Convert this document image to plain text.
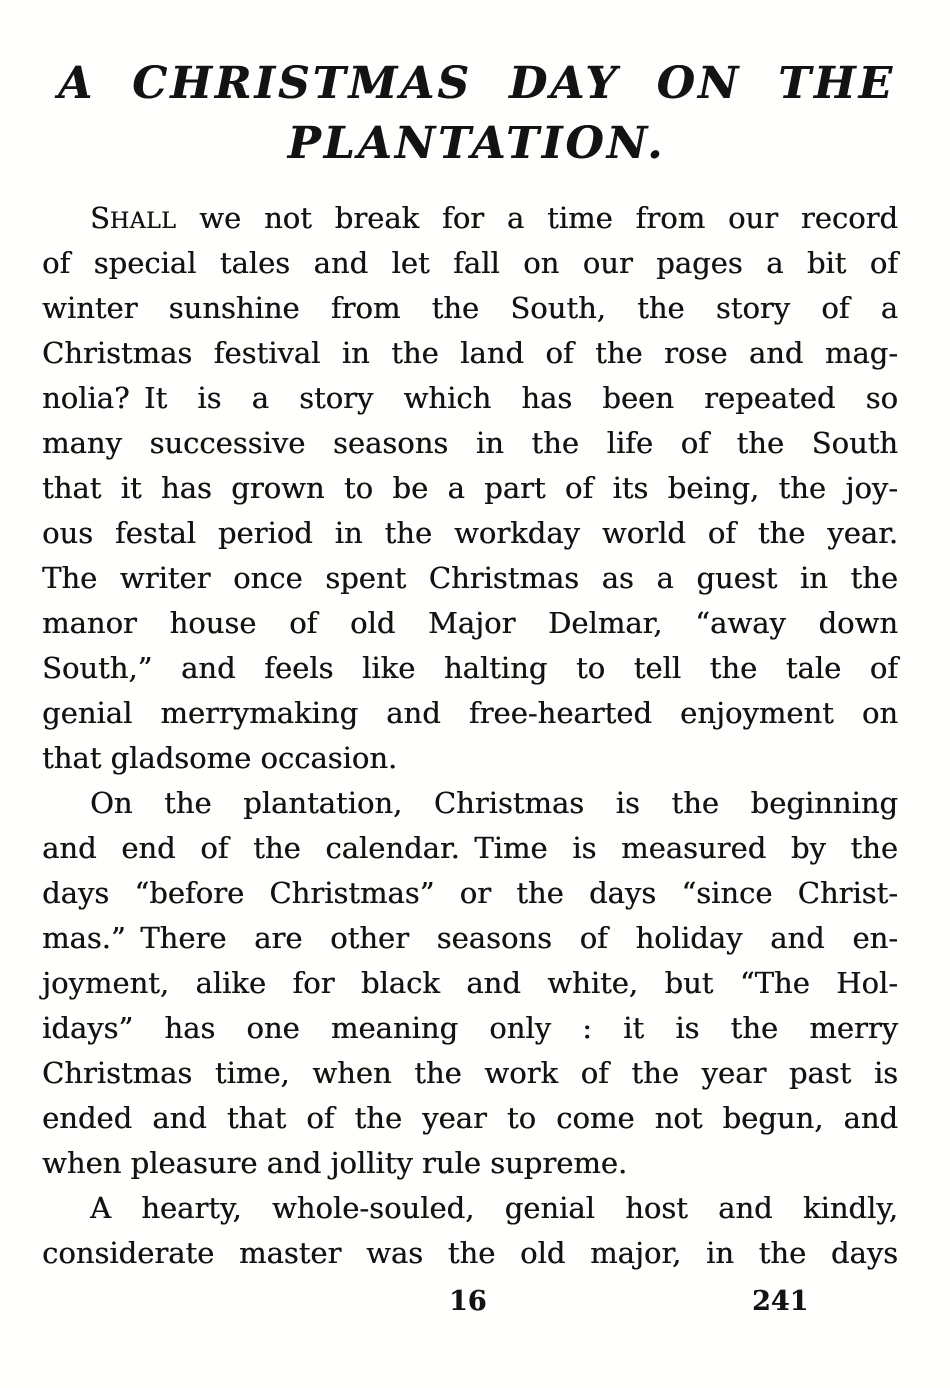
A CHRISTMAS DAY ON THE
PLANTATION.
SHALL we not break for a time from our record
of special tales and let fall on our pages a bit of
winter sunshine from the South, the story of a
Christmas festival in the land of the rose and mag-
nolia? It is a story which has been repeated so
many successive seasons in the life of the South
that it has grown to be a part of its being, the joy-
ous festal period in the workday world of the year.
The writer once spent Christmas as a guest in the
manor house of old Major Delmar, “away down
South,” and feels like halting to tell the tale of
genial merrymaking and free-hearted enjoyment on
that gladsome occasion.
On the plantation, Christmas is the beginning
and end of the calendar. Time is measured by the
days “before Christmas” or the days “since Christ-
mas.” There are other seasons of holiday and en-
joyment, alike for black and white, but “The Hol-
idays” has one meaning only : it is the merry
Christmas time, when the work of the year past is
ended and that of the year to come not begun, and
when pleasure and jollity rule supreme.
A hearty, whole-souled, genial host and kindly,
considerate master was the old major, in the days
16	241
